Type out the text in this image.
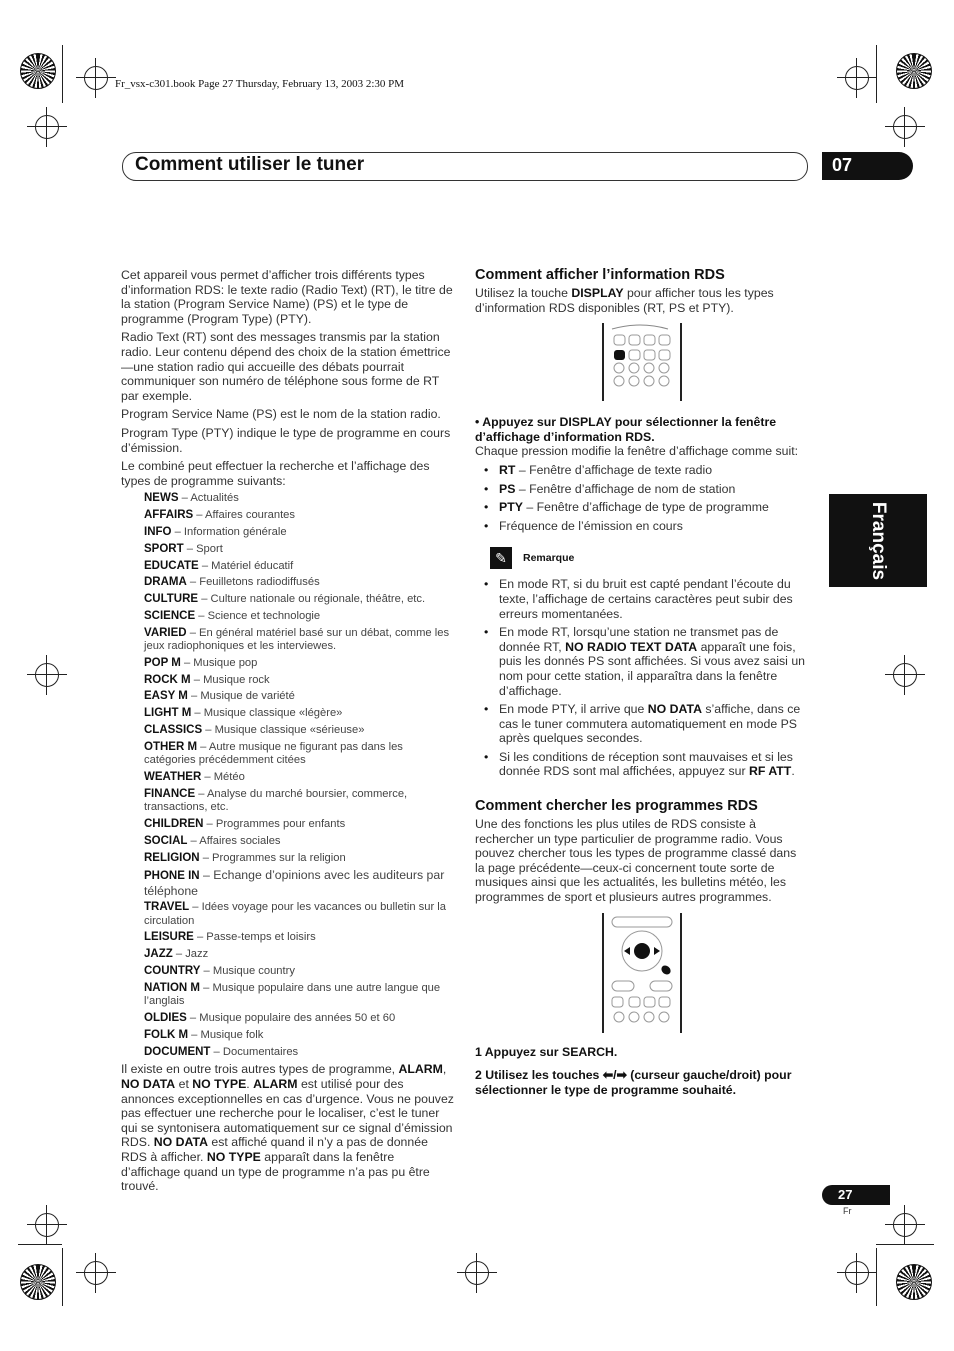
Fr_vsx-c301.book Page 27 Thursday, February 13, 2003 2:30 PM
Comment utiliser le tuner	07
Français

Cet appareil vous permet d’afficher trois différents types d’information RDS: le texte radio (Radio Text) (RT), le titre de la station (Program Service Name) (PS) et le type de programme (Program Type) (PTY).

Radio Text (RT) sont des messages transmis par la station radio. Leur contenu dépend des choix de la station émettrice—une station radio qui accueille des débats pourrait communiquer son numéro de téléphone sous forme de RT par exemple.

Program Service Name (PS) est le nom de la station radio.

Program Type (PTY) indique le type de programme en cours d’émission.

Le combiné peut effectuer la recherche et l’affichage des types de programme suivants:

NEWS – Actualités
AFFAIRS – Affaires courantes
INFO – Information générale
SPORT – Sport
EDUCATE – Matériel éducatif
DRAMA – Feuilletons radiodiffusés
CULTURE – Culture nationale ou régionale, théâtre, etc.
SCIENCE – Science et technologie
VARIED – En général matériel basé sur un débat, comme les jeux radiophoniques et les interviewes.
POP M – Musique pop
ROCK M – Musique rock
EASY M – Musique de variété
LIGHT M – Musique classique «légère»
CLASSICS – Musique classique «sérieuse»
OTHER M – Autre musique ne figurant pas dans les catégories précédemment citées
WEATHER – Météo
FINANCE – Analyse du marché boursier, commerce, transactions, etc.
CHILDREN – Programmes pour enfants
SOCIAL – Affaires sociales
RELIGION – Programmes sur la religion
PHONE IN – Echange d’opinions avec les auditeurs par téléphone
TRAVEL – Idées voyage pour les vacances ou bulletin sur la circulation
LEISURE – Passe-temps et loisirs
JAZZ – Jazz
COUNTRY – Musique country
NATION M – Musique populaire dans une autre langue que l’anglais
OLDIES – Musique populaire des années 50 et 60
FOLK M – Musique folk
DOCUMENT – Documentaires

Il existe en outre trois autres types de programme, ALARM, NO DATA et NO TYPE. ALARM est utilisé pour des annonces exceptionnelles en cas d’urgence. Vous ne pouvez pas effectuer une recherche pour le localiser, c’est le tuner qui se syntonisera automatiquement sur ce signal d’émission RDS. NO DATA est affiché quand il n’y a pas de donnée RDS à afficher. NO TYPE apparaît dans la fenêtre d’affichage quand un type de programme n’a pas pu être trouvé.

Comment afficher l’information RDS

Utilisez la touche DISPLAY pour afficher tous les types d’information RDS disponibles (RT, PS et PTY).

• Appuyez sur DISPLAY pour sélectionner la fenêtre d’affichage d’information RDS.

Chaque pression modifie la fenêtre d’affichage comme suit:

• RT – Fenêtre d’affichage de texte radio
• PS – Fenêtre d’affichage de nom de station
• PTY – Fenêtre d’affichage de type de programme
• Fréquence de l’émission en cours
✎	Remarque
• En mode RT, si du bruit est capté pendant l’écoute du texte, l’affichage de certains caractères peut subir des erreurs momentanées.
• En mode RT, lorsqu’une station ne transmet pas de donnée RT, NO RADIO TEXT DATA apparaît une fois, puis les donnés PS sont affichées. Si vous avez saisi un nom pour cette station, il apparaîtra dans la fenêtre d’affichage.
• En mode PTY, il arrive que NO DATA s’affiche, dans ce cas le tuner commutera automatiquement en mode PS après quelques secondes.
• Si les conditions de réception sont mauvaises et si les donnée RDS sont mal affichées, appuyez sur RF ATT.
Comment chercher les programmes RDS

Une des fonctions les plus utiles de RDS consiste à rechercher un type particulier de programme radio. Vous pouvez chercher tous les types de programme classé dans la page précédente—ceux-ci concernent toute sorte de musiques ainsi que les actualités, les bulletins météo, les programmes de sport et plusieurs autres programmes.

1 Appuyez sur SEARCH.

2 Utilisez les touches ⬅/➡ (curseur gauche/droit) pour sélectionner le type de programme souhaité.

27
Fr
